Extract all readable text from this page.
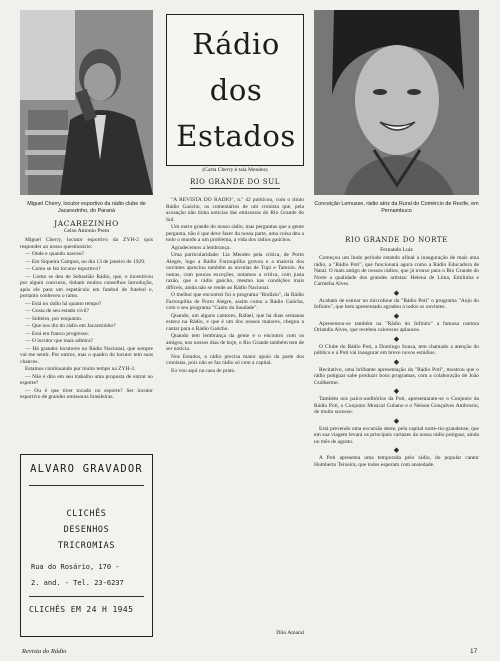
Miguel Cherry, locutor esportivo da rádio clube de Jacarezinho, do Paraná
Conceição Lemusse, rádio atriz da Rural do Comércio de Recife, em Pernambuco
Rádio
dos
Estados
(Carta Cherry é tala Mendes)
RIO GRANDE DO SUL
JACAREZINHO
Celso Antonio Prem
RIO GRANDE DO NORTE
Fernando Luiz

Miguel Cherry, locutor esportivo da ZYH-2 quis responder ao nosso questionário:

— Onde e quando nasceu?

— Em Siqueira Campos, no dia 13 de janeiro de 1929.

— Como se fez locutor esportivo?

— Como se deu de Sebastião Rádio, que, o incentivou por algum concurso, tinham muitos conselhos introdução, após ele para um espetáculo em futebol de futebol e, portanto conheceu o ramo.

— Está no rádio há quanto tempo?

— Gosta de seu estado civil?

— Solteiro, por enquanto.

— Que nos diz do rádio em Jacarezinho?

— Está em franco progresso.

— O locutor que mais admira?

— Há grandes locutores no Rádio Nacional, que sempre vai me sentir. Por outros, mas o quadro do locutor tem suas chances.

Estamos continuando por muito tempo na ZYH-2.

— Não é dito em seu trabalho uma proposta de entrar no esporte?

— Ou é que tiver tocado no esporte? Ser locutor esportivo de grandes emissoras brasileiras.

"A REVISTA DO RADIO", n.º 42 publicou, com o título Rádio Gaúcho, os comentários de um cronista que, pela acusação não tinha notícias das emissoras do Rio Grande do Sul.

Um outro grande do nosso rádio, mas perguntas que a gente pergunta, não é que deve fazer da nossa parte, uma coisa deu a todo o mundo a um problema, a vida dos rádios gaúchos.

Agradecemos a lembrança.

Uma particularidade: Lia Mendes pela crítica, de Porto Alegre, logo a Rádio Farroupilha gravou e a maioria dos ouvintes apreciou também as novelas de Tupi e Tamoio. As outras, com poucas exceções, notamos a crítica, com justa razão, que o rádio gaúcho, mesmo nas condições mais difíceis, ainda não se rende ao Rádio Nacional.

O melhor que encontrei foi o programa "Rodízio", da Rádio Farroupilha de Porto Alegre, assim como a Rádio Gaúcha, com o seu programa "Canto da Saudade".

Quando, um alguns cantores, Rafael, que há duas semanas estava na Rádio, e que é um dos nossos maiores, chegou a cantar para o Rádio Gaúcho.

Quando tem lembrança da gente e o encontro com os amigos, nos nossos dias de hoje, o Rio Grande também tem de ser notícia.

Nos Estados, o rádio precisa maior apoio da parte dos cronistas, pois não se faz rádio só com a capital.

Eu vou aqui na casa de prato.

Dilo Amaral

Começou um lindo período estando afinal a inauguração de mais uma rádio, a "Rádio Poti", que funcionará agora como a Rádio Educadora de Natal. O mais antigo de nossos rádios, que já trouxe para o Rio Grande do Norte a qualidade dos grandes artistas: Helena de Lima, Emilinha e Carmélia Alves.

◆

Acabam de estrear no microfone da "Rádio Poti" o programa "Anjo do Infinito", que bem apresentado agradou a todos os ouvintes.

◆

Apresentou-se também na "Rádio do Infinito" a famosa cantora Orlandia Alves, que recebeu calorosos aplausos.

◆

O Clube do Rádio Poti, a Domingo Sousa, tem chamado a atenção do público e a Poti vai inaugurar em breve novos estúdios.

◆

Recitativo, uma brilhante apresentação da "Rádio Poti", mostrou que o rádio potiguar sabe produzir bons programas, com a colaboração de João Guilherme.

◆

Também nos palco-auditórios da Poti, apresentaram-se o Conjunto da Rádio Poti, o Conjunto Musical Cubano e o Nelson Gonçalves Ambrosio, de muito sucesso.

◆

Está prevendo uma excursão deste, pela capital norte-rio-grandense, que em sua viagem levará os principais cartazes da nossa rádio potiguar, ainda no mês de agosto.

◆

A Poti apresenta uma temporada pelo rádio, do popular cantor Humberto Teixeira, que todos esperam com ansiedade.

ALVARO GRAVADOR
CLICHÊS
DESENHOS
TRICROMIAS
Rua do Rosário, 170 -
2. and. - Tel. 23-6237
CLICHÊS EM 24 H 1945
Revista do Rádio	17
